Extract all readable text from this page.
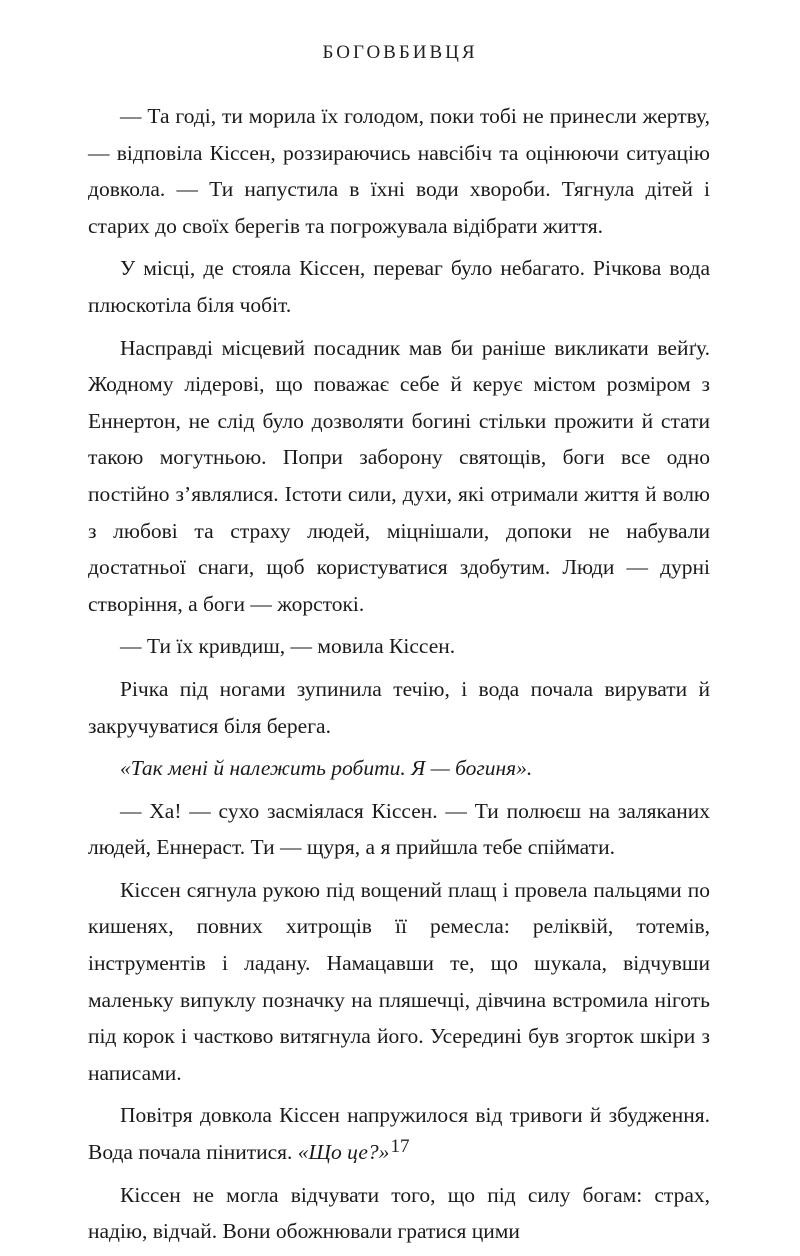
БОГОВБИВЦЯ

— Та годі, ти морила їх голодом, поки тобі не принесли жертву, — відповіла Кіссен, роззираючись навсібіч та оцінюючи ситуацію довкола. — Ти напустила в їхні води хвороби. Тягнула дітей і старих до своїх берегів та погрожувала відібрати життя.

У місці, де стояла Кіссен, переваг було небагато. Річкова вода плюскотіла біля чобіт.

Насправді місцевий посадник мав би раніше викликати вейґу. Жодному лідерові, що поважає себе й керує містом розміром з Еннертон, не слід було дозволяти богині стільки прожити й стати такою могутньою. Попри заборону святощів, боги все одно постійно з’являлися. Істоти сили, духи, які отримали життя й волю з любові та страху людей, міцнішали, допоки не набували достатньої снаги, щоб користуватися здобутим. Люди — дурні створіння, а боги — жорстокі.

— Ти їх кривдиш, — мовила Кіссен.

Річка під ногами зупинила течію, і вода почала вирувати й закручуватися біля берега.

«Так мені й належить робити. Я — богиня».

— Ха! — сухо засміялася Кіссен. — Ти полюєш на заляканих людей, Еннераст. Ти — щуря, а я прийшла тебе спіймати.

Кіссен сягнула рукою під вощений плащ і провела пальцями по кишенях, повних хитрощів її ремесла: реліквій, тотемів, інструментів і ладану. Намацавши те, що шукала, відчувши маленьку випуклу позначку на пляшечці, дівчина встромила ніготь під корок і частково витягнула його. Усередині був згорток шкіри з написами.

Повітря довкола Кіссен напружилося від тривоги й збудження. Вода почала пінитися. «Що це?»

Кіссен не могла відчувати того, що під силу богам: страх, надію, відчай. Вони обожнювали гратися цими

17
